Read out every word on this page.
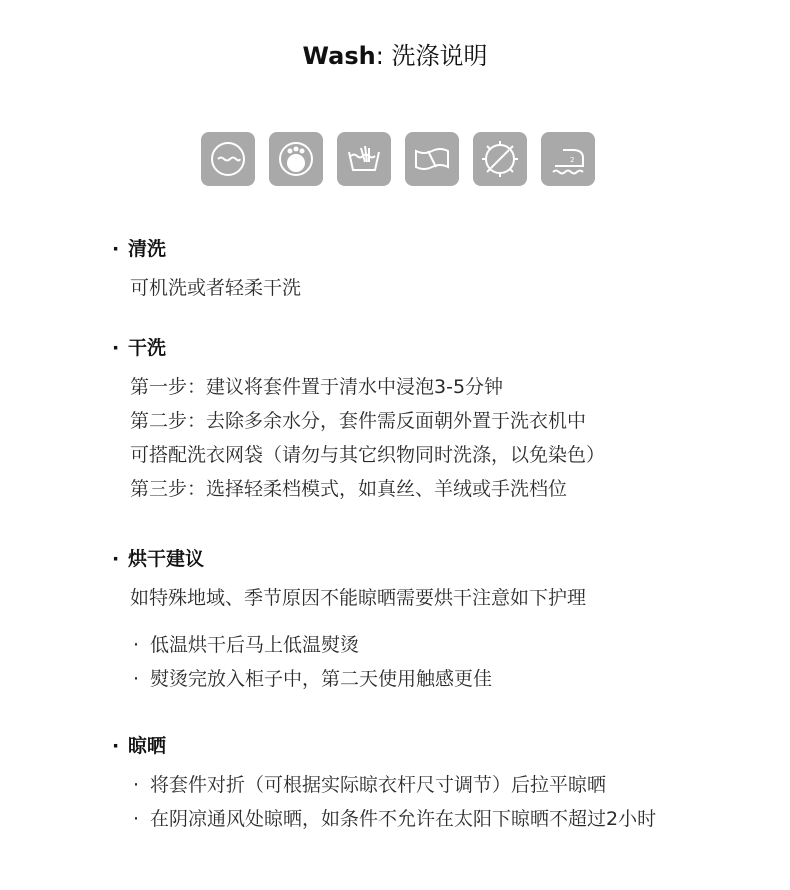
Wash: 洗涤说明
2
· 清洗
可机洗或者轻柔干洗
· 干洗
第一步：建议将套件置于清水中浸泡3-5分钟
第二步：去除多余水分，套件需反面朝外置于洗衣机中
可搭配洗衣网袋（请勿与其它织物同时洗涤，以免染色）
第三步：选择轻柔档模式，如真丝、羊绒或手洗档位
· 烘干建议
如特殊地域、季节原因不能晾晒需要烘干注意如下护理
· 低温烘干后马上低温熨烫
· 熨烫完放入柜子中，第二天使用触感更佳
· 晾晒
· 将套件对折（可根据实际晾衣杆尺寸调节）后拉平晾晒
· 在阴凉通风处晾晒，如条件不允许在太阳下晾晒不超过2小时
